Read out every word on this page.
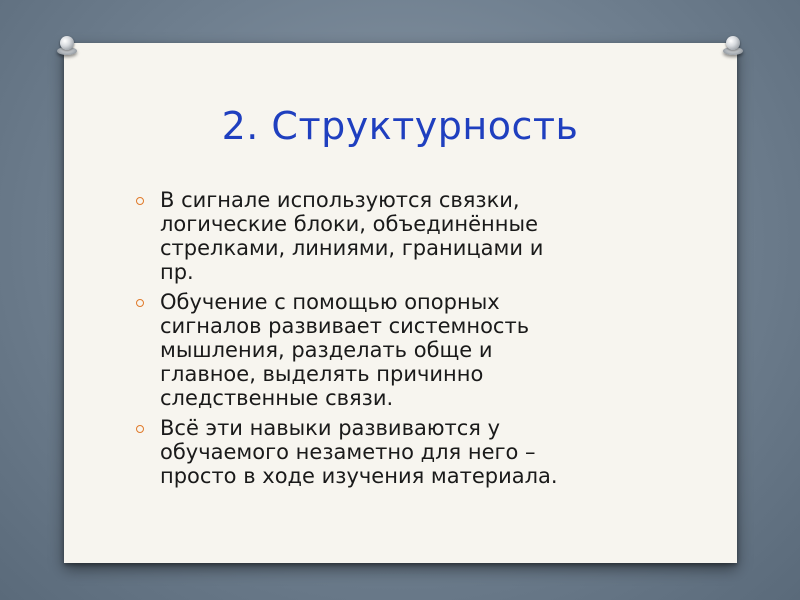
2. Структурность
В сигнале используются связки,
логические блоки, объединённые
стрелками, линиями, границами и
пр.
Обучение с помощью опорных
сигналов развивает системность
мышления, разделать обще и
главное, выделять причинно
следственные связи.
Всё эти навыки развиваются у
обучаемого незаметно для него –
просто в ходе изучения материала.
